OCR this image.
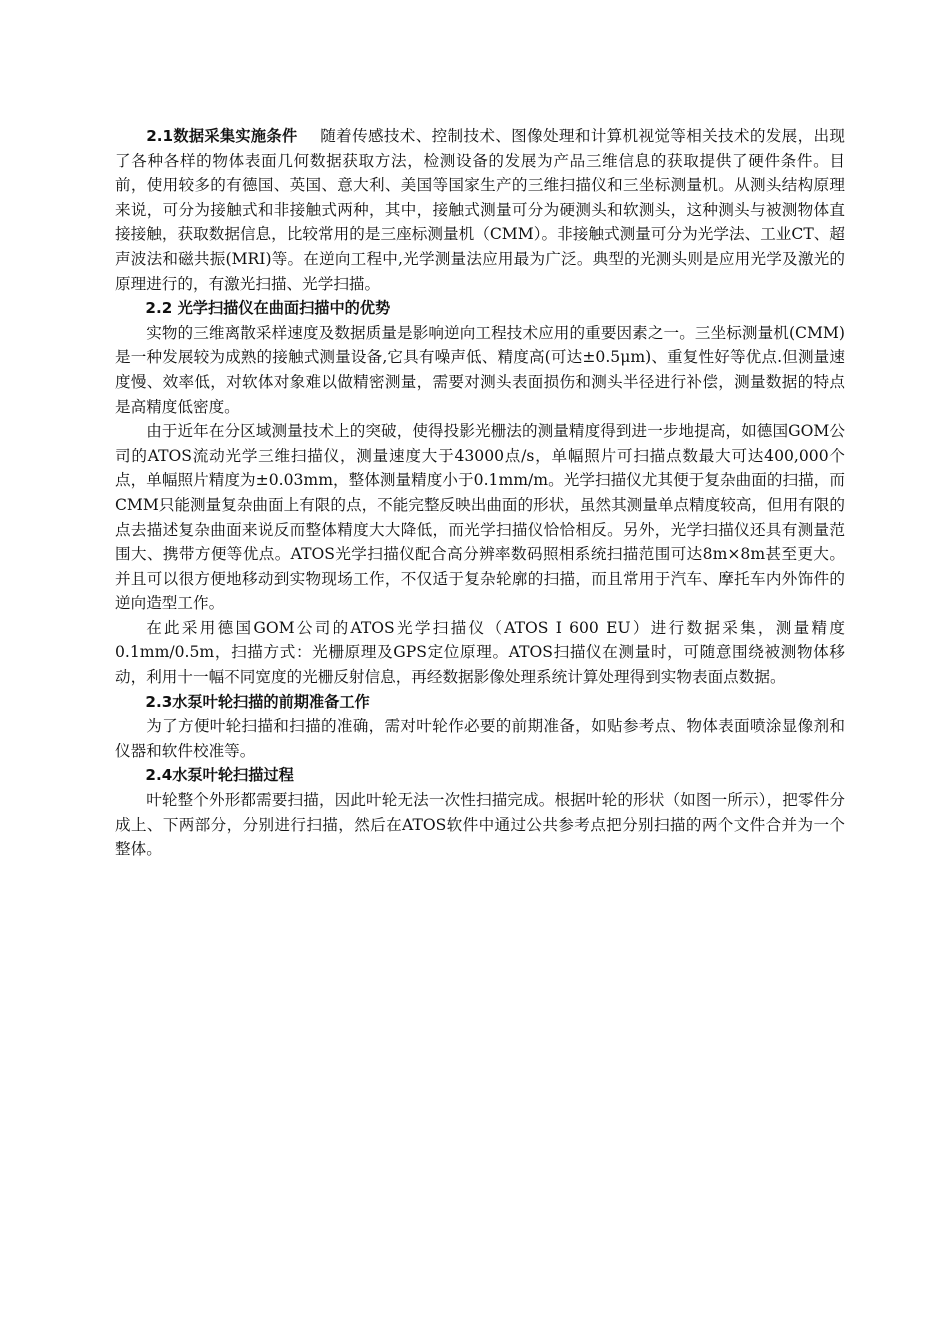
2.1数据采集实施条件 随着传感技术、控制技术、图像处理和计算机视觉等相关技术的发展，出现了各种各样的物体表面几何数据获取方法，检测设备的发展为产品三维信息的获取提供了硬件条件。目前，使用较多的有德国、英国、意大利、美国等国家生产的三维扫描仪和三坐标测量机。从测头结构原理来说，可分为接触式和非接触式两种，其中，接触式测量可分为硬测头和软测头，这种测头与被测物体直接接触，获取数据信息，比较常用的是三座标测量机（CMM）。非接触式测量可分为光学法、工业CT、超声波法和磁共振(MRI)等。在逆向工程中,光学测量法应用最为广泛。典型的光测头则是应用光学及激光的原理进行的，有激光扫描、光学扫描。

2.2 光学扫描仪在曲面扫描中的优势

实物的三维离散采样速度及数据质量是影响逆向工程技术应用的重要因素之一。三坐标测量机(CMM)是一种发展较为成熟的接触式测量设备,它具有噪声低、精度高(可达±0.5μm)、重复性好等优点.但测量速度慢、效率低，对软体对象难以做精密测量，需要对测头表面损伤和测头半径进行补偿，测量数据的特点是高精度低密度。

由于近年在分区域测量技术上的突破，使得投影光栅法的测量精度得到进一步地提高，如德国GOM公司的ATOS流动光学三维扫描仪，测量速度大于43000点/s，单幅照片可扫描点数最大可达400,000个点，单幅照片精度为±0.03mm，整体测量精度小于0.1mm/m。光学扫描仪尤其便于复杂曲面的扫描，而CMM只能测量复杂曲面上有限的点，不能完整反映出曲面的形状，虽然其测量单点精度较高，但用有限的点去描述复杂曲面来说反而整体精度大大降低，而光学扫描仪恰恰相反。另外，光学扫描仪还具有测量范围大、携带方便等优点。ATOS光学扫描仪配合高分辨率数码照相系统扫描范围可达8m×8m甚至更大。并且可以很方便地移动到实物现场工作，不仅适于复杂轮廓的扫描，而且常用于汽车、摩托车内外饰件的逆向造型工作。

在此采用德国GOM公司的ATOS光学扫描仪（ATOS I 600 EU）进行数据采集，测量精度0.1mm/0.5m，扫描方式：光栅原理及GPS定位原理。ATOS扫描仪在测量时，可随意围绕被测物体移动，利用十一幅不同宽度的光栅反射信息，再经数据影像处理系统计算处理得到实物表面点数据。

2.3水泵叶轮扫描的前期准备工作

为了方便叶轮扫描和扫描的准确，需对叶轮作必要的前期准备，如贴参考点、物体表面喷涂显像剂和仪器和软件校准等。

2.4水泵叶轮扫描过程

叶轮整个外形都需要扫描，因此叶轮无法一次性扫描完成。根据叶轮的形状（如图一所示），把零件分成上、下两部分，分别进行扫描，然后在ATOS软件中通过公共参考点把分别扫描的两个文件合并为一个整体。
